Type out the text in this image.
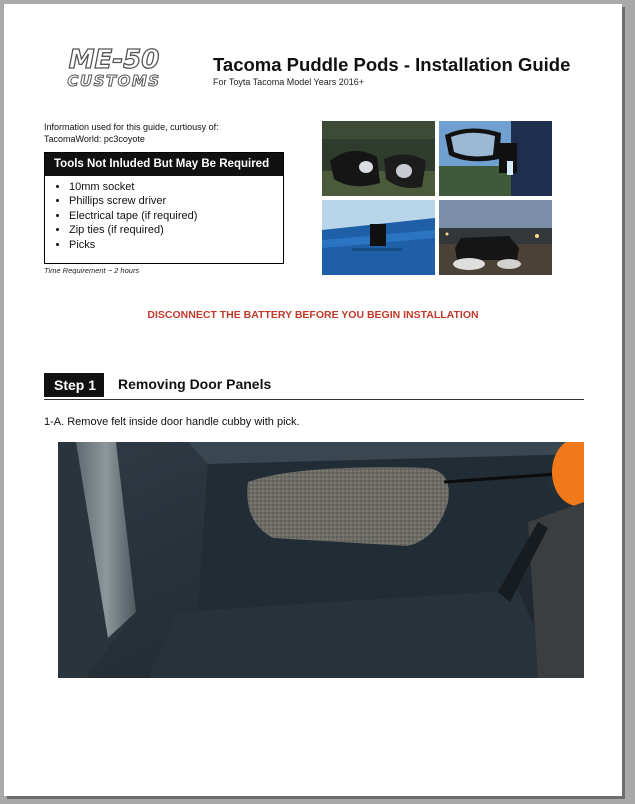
ME-50
CUSTOMS
Tacoma Puddle Pods - Installation Guide
For Toyta Tacoma Model Years 2016+
Information used for this guide, curtiousy of:
TacomaWorld: pc3coyote
Tools Not Inluded But May Be Required
• 10mm socket
• Phillips screw driver
• Electrical tape (if required)
• Zip ties (if required)
• Picks
Time Requirement ~ 2 hours
DISCONNECT THE BATTERY BEFORE YOU BEGIN INSTALLATION
Step 1	Removing Door Panels
1-A. Remove felt inside door handle cubby with pick.
